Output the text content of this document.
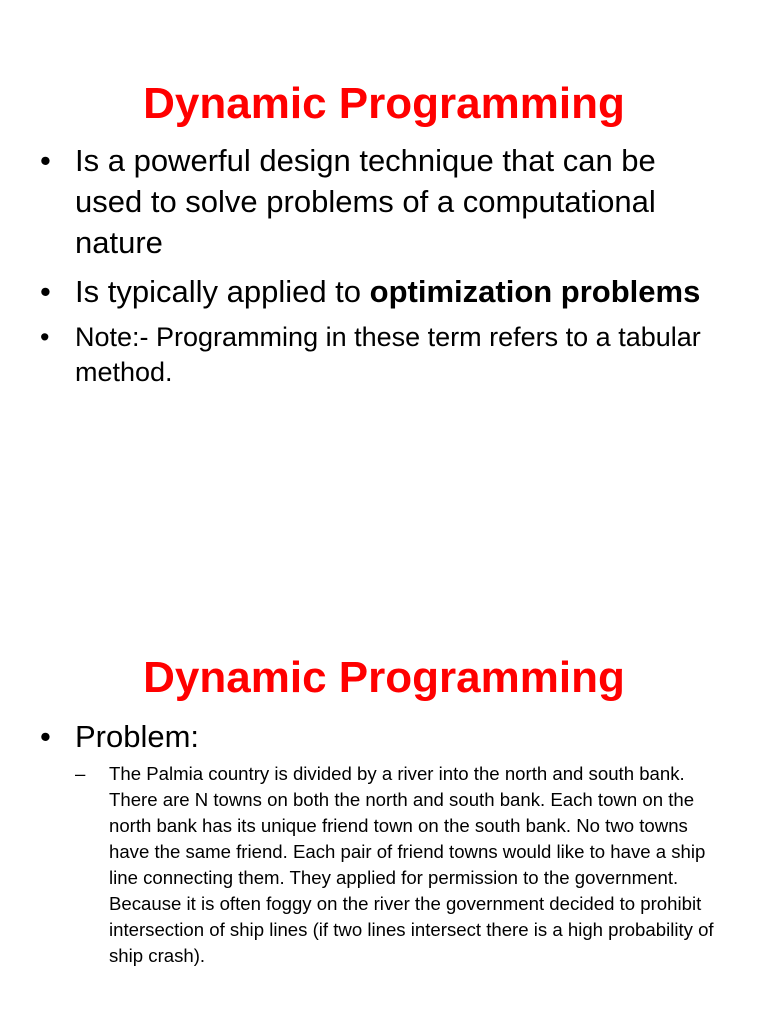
Dynamic Programming
• Is a powerful design technique that can be used to solve problems of a computational nature
• Is typically applied to optimization problems
• Note:- Programming in these term refers to a tabular method.
Dynamic Programming
• Problem:
– The Palmia country is divided by a river into the north and south bank. There are N towns on both the north and south bank. Each town on the north bank has its unique friend town on the south bank. No two towns have the same friend. Each pair of friend towns would like to have a ship line connecting them. They applied for permission to the government. Because it is often foggy on the river the government decided to prohibit intersection of ship lines (if two lines intersect there is a high probability of ship crash).
